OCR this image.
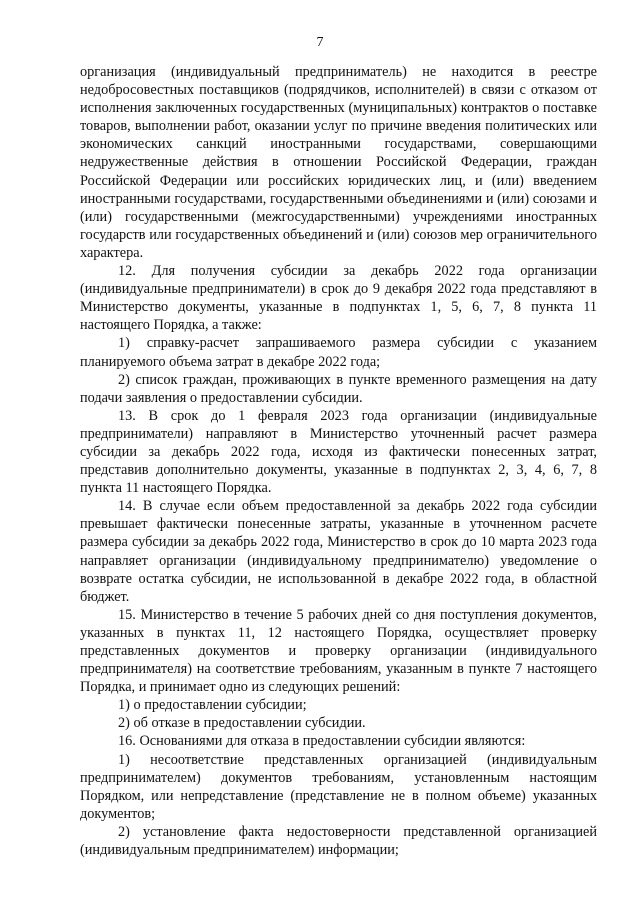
7

организация (индивидуальный предприниматель) не находится в реестре недобросовестных поставщиков (подрядчиков, исполнителей) в связи с отказом от исполнения заключенных государственных (муниципальных) контрактов о поставке товаров, выполнении работ, оказании услуг по причине введения политических или экономических санкций иностранными государствами, совершающими недружественные действия в отношении Российской Федерации, граждан Российской Федерации или российских юридических лиц, и (или) введением иностранными государствами, государственными объединениями и (или) союзами и (или) государственными (межгосударственными) учреждениями иностранных государств или государственных объединений и (или) союзов мер ограничительного характера.

12. Для получения субсидии за декабрь 2022 года организации (индивидуальные предприниматели) в срок до 9 декабря 2022 года представляют в Министерство документы, указанные в подпунктах 1, 5, 6, 7, 8 пункта 11 настоящего Порядка, а также:

1) справку-расчет запрашиваемого размера субсидии с указанием планируемого объема затрат в декабре 2022 года;

2) список граждан, проживающих в пункте временного размещения на дату подачи заявления о предоставлении субсидии.

13. В срок до 1 февраля 2023 года организации (индивидуальные предприниматели) направляют в Министерство уточненный расчет размера субсидии за декабрь 2022 года, исходя из фактически понесенных затрат, представив дополнительно документы, указанные в подпунктах 2, 3, 4, 6, 7, 8 пункта 11 настоящего Порядка.

14. В случае если объем предоставленной за декабрь 2022 года субсидии превышает фактически понесенные затраты, указанные в уточненном расчете размера субсидии за декабрь 2022 года, Министерство в срок до 10 марта 2023 года направляет организации (индивидуальному предпринимателю) уведомление о возврате остатка субсидии, не использованной в декабре 2022 года, в областной бюджет.

15. Министерство в течение 5 рабочих дней со дня поступления документов, указанных в пунктах 11, 12 настоящего Порядка, осуществляет проверку представленных документов и проверку организации (индивидуального предпринимателя) на соответствие требованиям, указанным в пункте 7 настоящего Порядка, и принимает одно из следующих решений:

1) о предоставлении субсидии;

2) об отказе в предоставлении субсидии.

16. Основаниями для отказа в предоставлении субсидии являются:

1) несоответствие представленных организацией (индивидуальным предпринимателем) документов требованиям, установленным настоящим Порядком, или непредставление (представление не в полном объеме) указанных документов;

2) установление факта недостоверности представленной организацией (индивидуальным предпринимателем) информации;
